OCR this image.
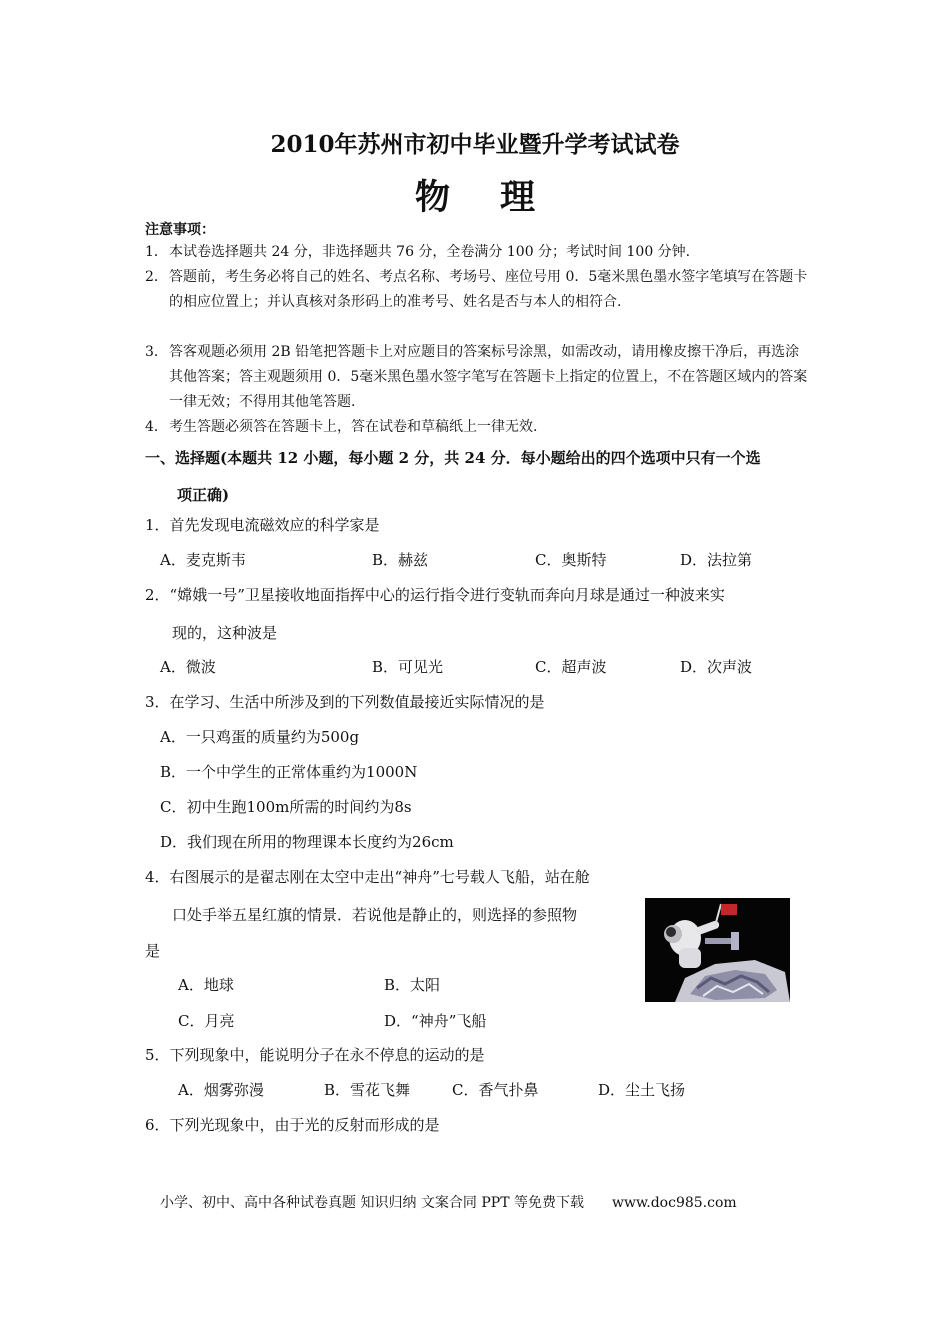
2010年苏州市初中毕业暨升学考试试卷
物理
注意事项：
1． 本试卷选择题共 24 分，非选择题共 76 分，全卷满分 100 分；考试时间 100 分钟.
2． 答题前，考生务必将自己的姓名、考点名称、考场号、座位号用 0．5毫米黑色墨水签字笔填写在答题卡的相应位置上；并认真核对条形码上的准考号、姓名是否与本人的相符合.
3． 答客观题必须用 2B 铅笔把答题卡上对应题目的答案标号涂黑，如需改动，请用橡皮擦干净后，再选涂其他答案；答主观题须用 0．5毫米黑色墨水签字笔写在答题卡上指定的位置上，不在答题区域内的答案一律无效；不得用其他笔答题.
4． 考生答题必须答在答题卡上，答在试卷和草稿纸上一律无效.
一、选择题(本题共 12 小题，每小题 2 分，共 24 分．每小题给出的四个选项中只有一个选
项正确)
1．首先发现电流磁效应的科学家是
A．麦克斯韦	B．赫兹	C．奥斯特	D．法拉第
2．“嫦娥一号”卫星接收地面指挥中心的运行指令进行变轨而奔向月球是通过一种波来实
现的，这种波是
A．微波	B．可见光	C．超声波	D．次声波
3．在学习、生活中所涉及到的下列数值最接近实际情况的是
A．一只鸡蛋的质量约为500g
B．一个中学生的正常体重约为1000N
C．初中生跑100m所需的时间约为8s
D．我们现在所用的物理课本长度约为26cm
4．右图展示的是翟志刚在太空中走出“神舟”七号载人飞船，站在舱
口处手举五星红旗的情景．若说他是静止的，则选择的参照物
是
A．地球	B．太阳
C．月亮	D．“神舟”飞船
5．下列现象中，能说明分子在永不停息的运动的是
A．烟雾弥漫	B．雪花飞舞	C．香气扑鼻	D．尘土飞扬
6．下列光现象中，由于光的反射而形成的是
小学、初中、高中各种试卷真题 知识归纳 文案合同 PPT 等免费下载 www.doc985.com
